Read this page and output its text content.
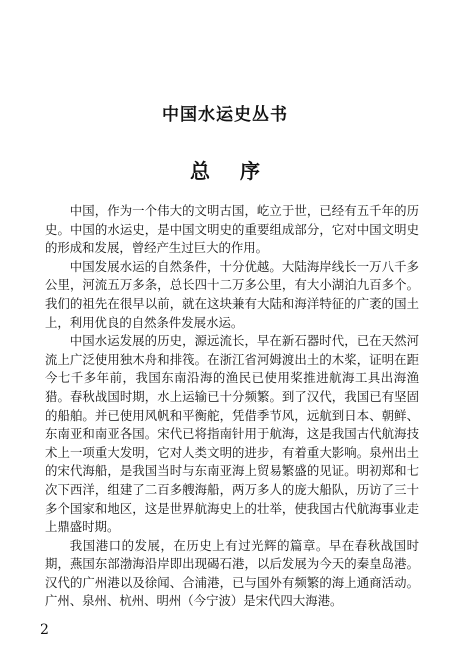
中国水运史丛书
总序

中国，作为一个伟大的文明古国，屹立于世，已经有五千年的历史。中国的水运史，是中国文明史的重要组成部分，它对中国文明史的形成和发展，曾经产生过巨大的作用。

中国发展水运的自然条件，十分优越。大陆海岸线长一万八千多公里，河流五万多条，总长四十二万多公里，有大小湖泊九百多个。我们的祖先在很早以前，就在这块兼有大陆和海洋特征的广袤的国土上，利用优良的自然条件发展水运。

中国水运发展的历史，源远流长，早在新石器时代，已在天然河流上广泛使用独木舟和排筏。在浙江省河姆渡出土的木桨，证明在距今七千多年前，我国东南沿海的渔民已使用桨推进航海工具出海渔猎。春秋战国时期，水上运输已十分频繁。到了汉代，我国已有坚固的船舶。并已使用风帆和平衡舵，凭借季节风，远航到日本、朝鲜、东南亚和南亚各国。宋代已将指南针用于航海，这是我国古代航海技术上一项重大发明，它对人类文明的进步，有着重大影响。泉州出土的宋代海船，是我国当时与东南亚海上贸易繁盛的见证。明初郑和七次下西洋，组建了二百多艘海船，两万多人的庞大船队，历访了三十多个国家和地区，这是世界航海史上的壮举，使我国古代航海事业走上鼎盛时期。

我国港口的发展，在历史上有过光辉的篇章。早在春秋战国时期，燕国东部渤海沿岸即出现碣石港，以后发展为今天的秦皇岛港。汉代的广州港以及徐闻、合浦港，已与国外有频繁的海上通商活动。广州、泉州、杭州、明州（今宁波）是宋代四大海港。

2
